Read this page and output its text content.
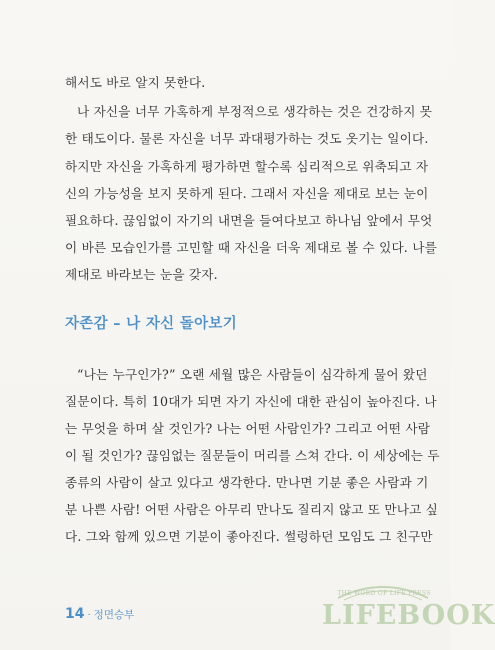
해서도 바로 알지 못한다.
나 자신을 너무 가혹하게 부정적으로 생각하는 것은 건강하지 못
한 태도이다. 물론 자신을 너무 과대평가하는 것도 옷기는 일이다.
하지만 자신을 가혹하게 평가하면 할수록 심리적으로 위축되고 자
신의 가능성을 보지 못하게 된다. 그래서 자신을 제대로 보는 눈이
필요하다. 끊임없이 자기의 내면을 들여다보고 하나님 앞에서 무엇
이 바른 모습인가를 고민할 때 자신을 더욱 제대로 볼 수 있다. 나를
제대로 바라보는 눈을 갖자.
자존감 – 나 자신 돌아보기
“나는 누구인가?” 오랜 세월 많은 사람들이 심각하게 물어 왔던
질문이다. 특히 10대가 되면 자기 자신에 대한 관심이 높아진다. 나
는 무엇을 하며 살 것인가? 나는 어떤 사람인가? 그리고 어떤 사람
이 될 것인가? 끊임없는 질문들이 머리를 스쳐 간다. 이 세상에는 두
종류의 사람이 살고 있다고 생각한다. 만나면 기분 좋은 사람과 기
분 나쁜 사람! 어떤 사람은 아무리 만나도 질리지 않고 또 만나고 싶
다. 그와 함께 있으면 기분이 좋아진다. 썰렁하던 모임도 그 친구만
14 · 정면승부
THE WORD OF LIFE PRESS
LIFEBOOK
